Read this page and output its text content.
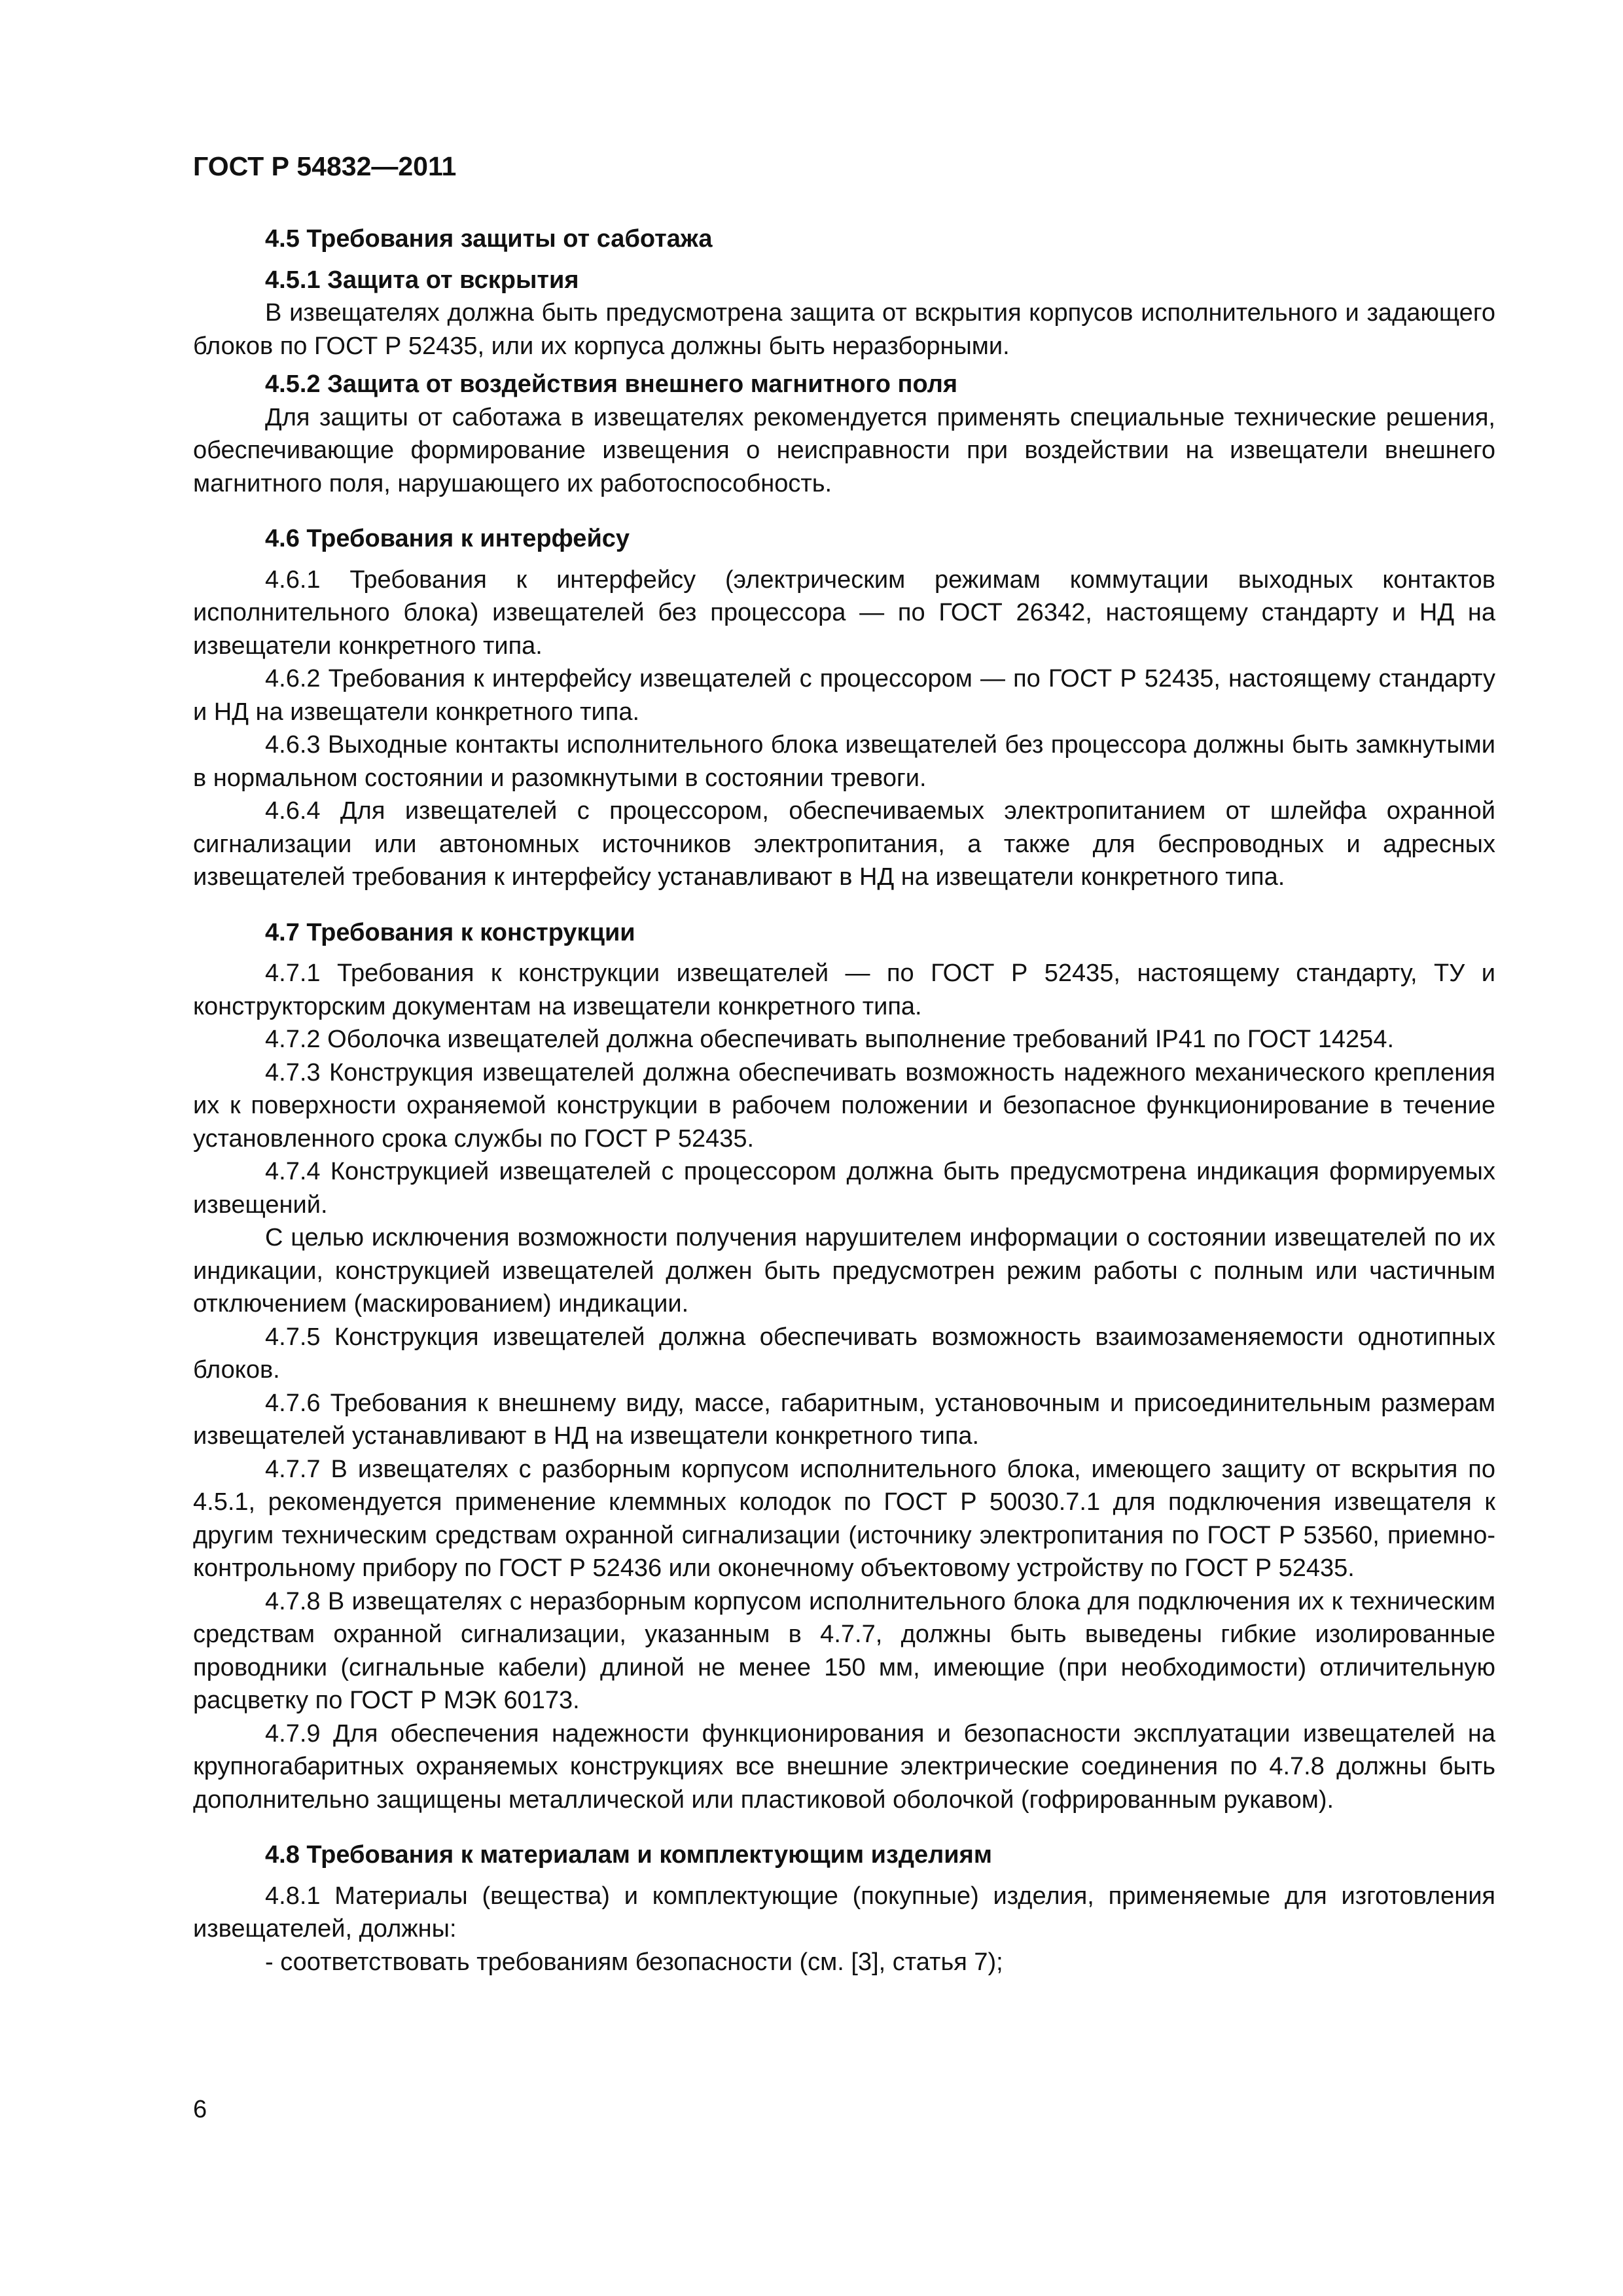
ГОСТ Р 54832—2011

4.5 Требования защиты от саботажа
4.5.1 Защита от вскрытия

В извещателях должна быть предусмотрена защита от вскрытия корпусов исполнительного и задающего блоков по ГОСТ Р 52435, или их корпуса должны быть неразборными.

4.5.2 Защита от воздействия внешнего магнитного поля

Для защиты от саботажа в извещателях рекомендуется применять специальные технические решения, обеспечивающие формирование извещения о неисправности при воздействии на извещатели внешнего магнитного поля, нарушающего их работоспособность.

4.6 Требования к интерфейсу

4.6.1 Требования к интерфейсу (электрическим режимам коммутации выходных контактов исполнительного блока) извещателей без процессора — по ГОСТ 26342, настоящему стандарту и НД на извещатели конкретного типа.

4.6.2 Требования к интерфейсу извещателей с процессором — по ГОСТ Р 52435, настоящему стандарту и НД на извещатели конкретного типа.

4.6.3 Выходные контакты исполнительного блока извещателей без процессора должны быть замкнутыми в нормальном состоянии и разомкнутыми в состоянии тревоги.

4.6.4 Для извещателей с процессором, обеспечиваемых электропитанием от шлейфа охранной сигнализации или автономных источников электропитания, а также для беспроводных и адресных извещателей требования к интерфейсу устанавливают в НД на извещатели конкретного типа.

4.7 Требования к конструкции

4.7.1 Требования к конструкции извещателей — по ГОСТ Р 52435, настоящему стандарту, ТУ и конструкторским документам на извещатели конкретного типа.

4.7.2 Оболочка извещателей должна обеспечивать выполнение требований IP41 по ГОСТ 14254.

4.7.3 Конструкция извещателей должна обеспечивать возможность надежного механического крепления их к поверхности охраняемой конструкции в рабочем положении и безопасное функционирование в течение установленного срока службы по ГОСТ Р 52435.

4.7.4 Конструкцией извещателей с процессором должна быть предусмотрена индикация формируемых извещений.

С целью исключения возможности получения нарушителем информации о состоянии извещателей по их индикации, конструкцией извещателей должен быть предусмотрен режим работы с полным или частичным отключением (маскированием) индикации.

4.7.5 Конструкция извещателей должна обеспечивать возможность взаимозаменяемости однотипных блоков.

4.7.6 Требования к внешнему виду, массе, габаритным, установочным и присоединительным размерам извещателей устанавливают в НД на извещатели конкретного типа.

4.7.7 В извещателях с разборным корпусом исполнительного блока, имеющего защиту от вскрытия по 4.5.1, рекомендуется применение клеммных колодок по ГОСТ Р 50030.7.1 для подключения извещателя к другим техническим средствам охранной сигнализации (источнику электропитания по ГОСТ Р 53560, приемно-контрольному прибору по ГОСТ Р 52436 или оконечному объектовому устройству по ГОСТ Р 52435.

4.7.8 В извещателях с неразборным корпусом исполнительного блока для подключения их к техническим средствам охранной сигнализации, указанным в 4.7.7, должны быть выведены гибкие изолированные проводники (сигнальные кабели) длиной не менее 150 мм, имеющие (при необходимости) отличительную расцветку по ГОСТ Р МЭК 60173.

4.7.9 Для обеспечения надежности функционирования и безопасности эксплуатации извещателей на крупногабаритных охраняемых конструкциях все внешние электрические соединения по 4.7.8 должны быть дополнительно защищены металлической или пластиковой оболочкой (гофрированным рукавом).

4.8 Требования к материалам и комплектующим изделиям

4.8.1 Материалы (вещества) и комплектующие (покупные) изделия, применяемые для изготовления извещателей, должны:

- соответствовать требованиям безопасности (см. [3], статья 7);

6
